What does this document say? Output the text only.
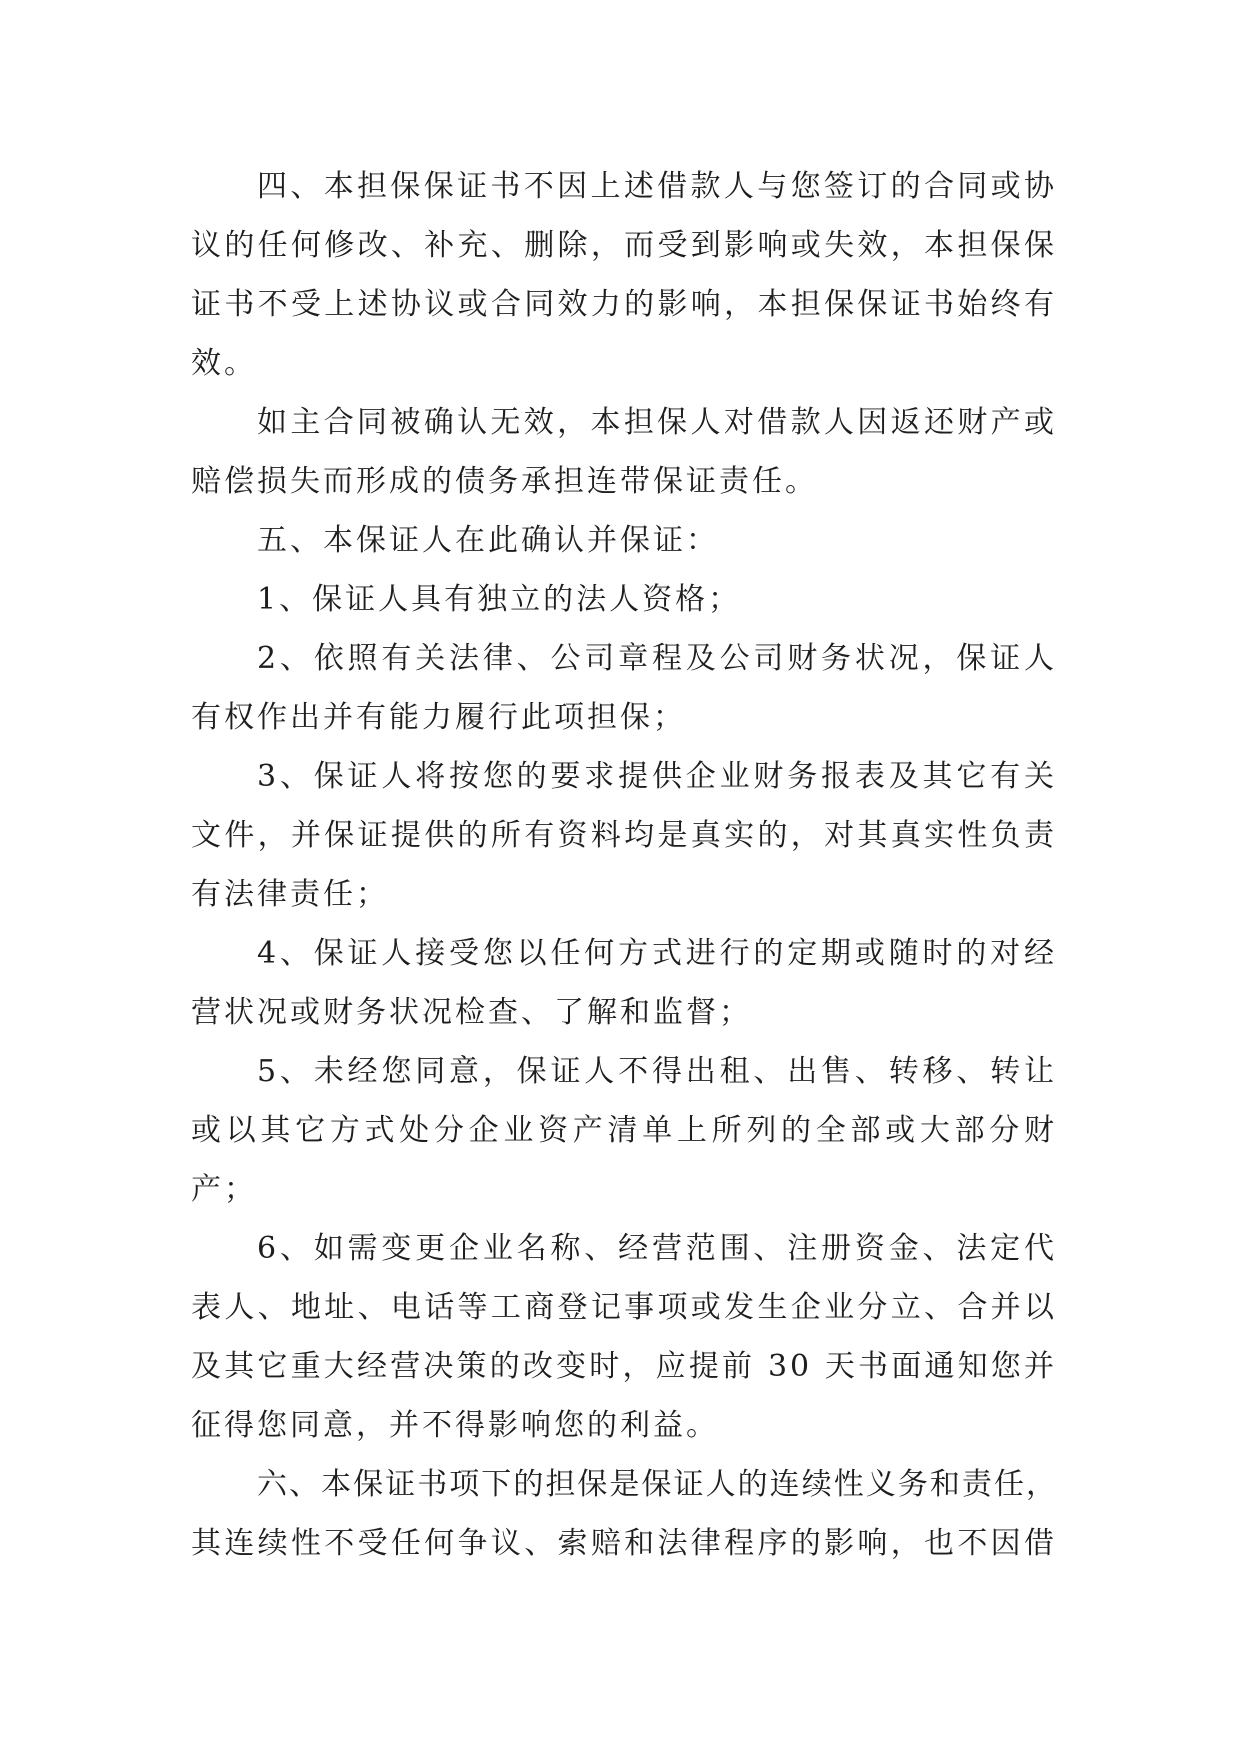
四、本担保保证书不因上述借款人与您签订的合同或协
议的任何修改、补充、删除，而受到影响或失效，本担保保
证书不受上述协议或合同效力的影响，本担保保证书始终有
效。
如主合同被确认无效，本担保人对借款人因返还财产或
赔偿损失而形成的债务承担连带保证责任。
五、本保证人在此确认并保证：
1、保证人具有独立的法人资格；
2、依照有关法律、公司章程及公司财务状况，保证人
有权作出并有能力履行此项担保；
3、保证人将按您的要求提供企业财务报表及其它有关
文件，并保证提供的所有资料均是真实的，对其真实性负责
有法律责任；
4、保证人接受您以任何方式进行的定期或随时的对经
营状况或财务状况检查、了解和监督；
5、未经您同意，保证人不得出租、出售、转移、转让
或以其它方式处分企业资产清单上所列的全部或大部分财
产；
6、如需变更企业名称、经营范围、注册资金、法定代
表人、地址、电话等工商登记事项或发生企业分立、合并以
及其它重大经营决策的改变时，应提前 30 天书面通知您并
征得您同意，并不得影响您的利益。
六、本保证书项下的担保是保证人的连续性义务和责任，
其连续性不受任何争议、索赔和法律程序的影响，也不因借
